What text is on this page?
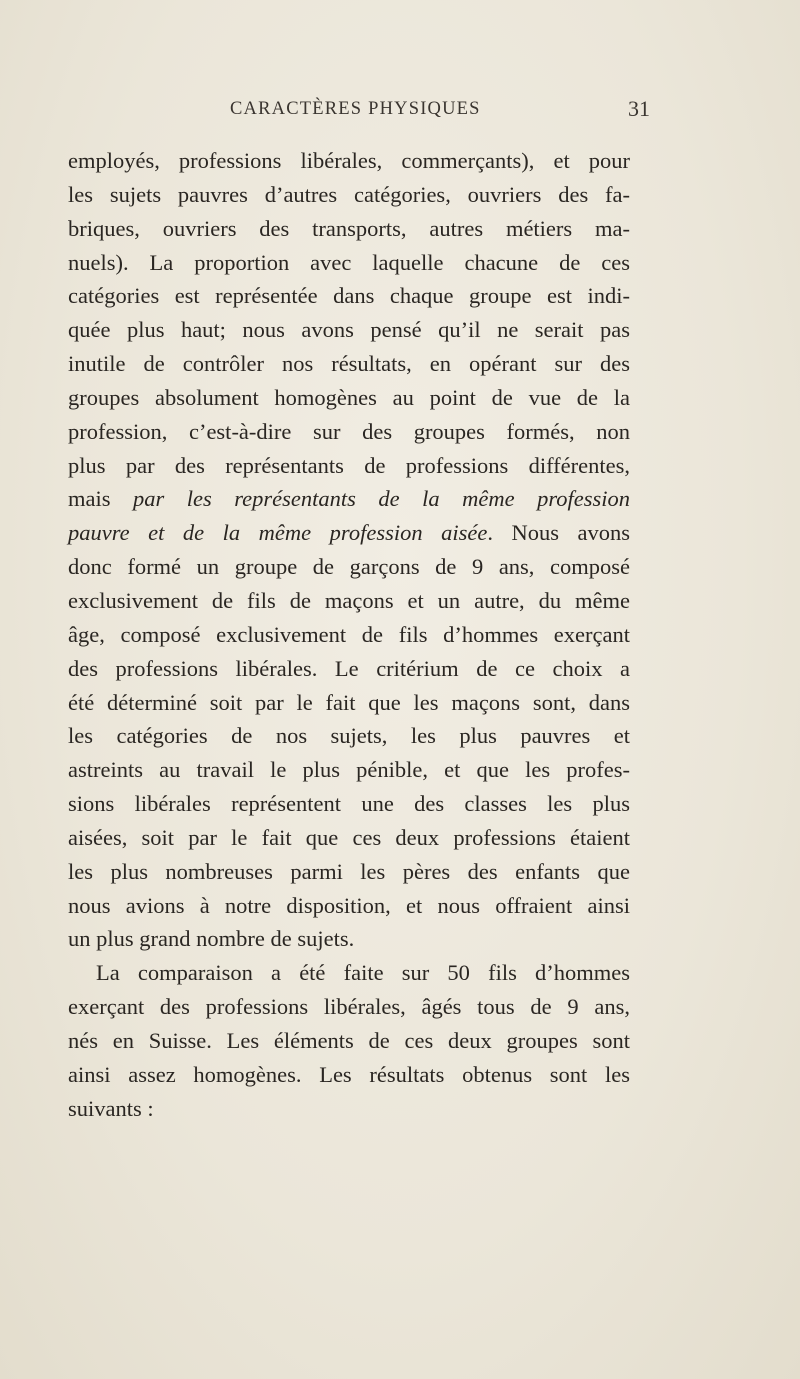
CARACTÈRES PHYSIQUES	31
employés, professions libérales, commerçants), et pour
les sujets pauvres d’autres catégories, ouvriers des fa-
briques, ouvriers des transports, autres métiers ma-
nuels). La proportion avec laquelle chacune de ces
catégories est représentée dans chaque groupe est indi-
quée plus haut; nous avons pensé qu’il ne serait pas
inutile de contrôler nos résultats, en opérant sur des
groupes absolument homogènes au point de vue de la
profession, c’est-à-dire sur des groupes formés, non
plus par des représentants de professions différentes,
mais par les représentants de la même profession
pauvre et de la même profession aisée. Nous avons
donc formé un groupe de garçons de 9 ans, composé
exclusivement de fils de maçons et un autre, du même
âge, composé exclusivement de fils d’hommes exerçant
des professions libérales. Le critérium de ce choix a
été déterminé soit par le fait que les maçons sont, dans
les catégories de nos sujets, les plus pauvres et
astreints au travail le plus pénible, et que les profes-
sions libérales représentent une des classes les plus
aisées, soit par le fait que ces deux professions étaient
les plus nombreuses parmi les pères des enfants que
nous avions à notre disposition, et nous offraient ainsi
un plus grand nombre de sujets.
La comparaison a été faite sur 50 fils d’hommes
exerçant des professions libérales, âgés tous de 9 ans,
nés en Suisse. Les éléments de ces deux groupes sont
ainsi assez homogènes. Les résultats obtenus sont les
suivants :
